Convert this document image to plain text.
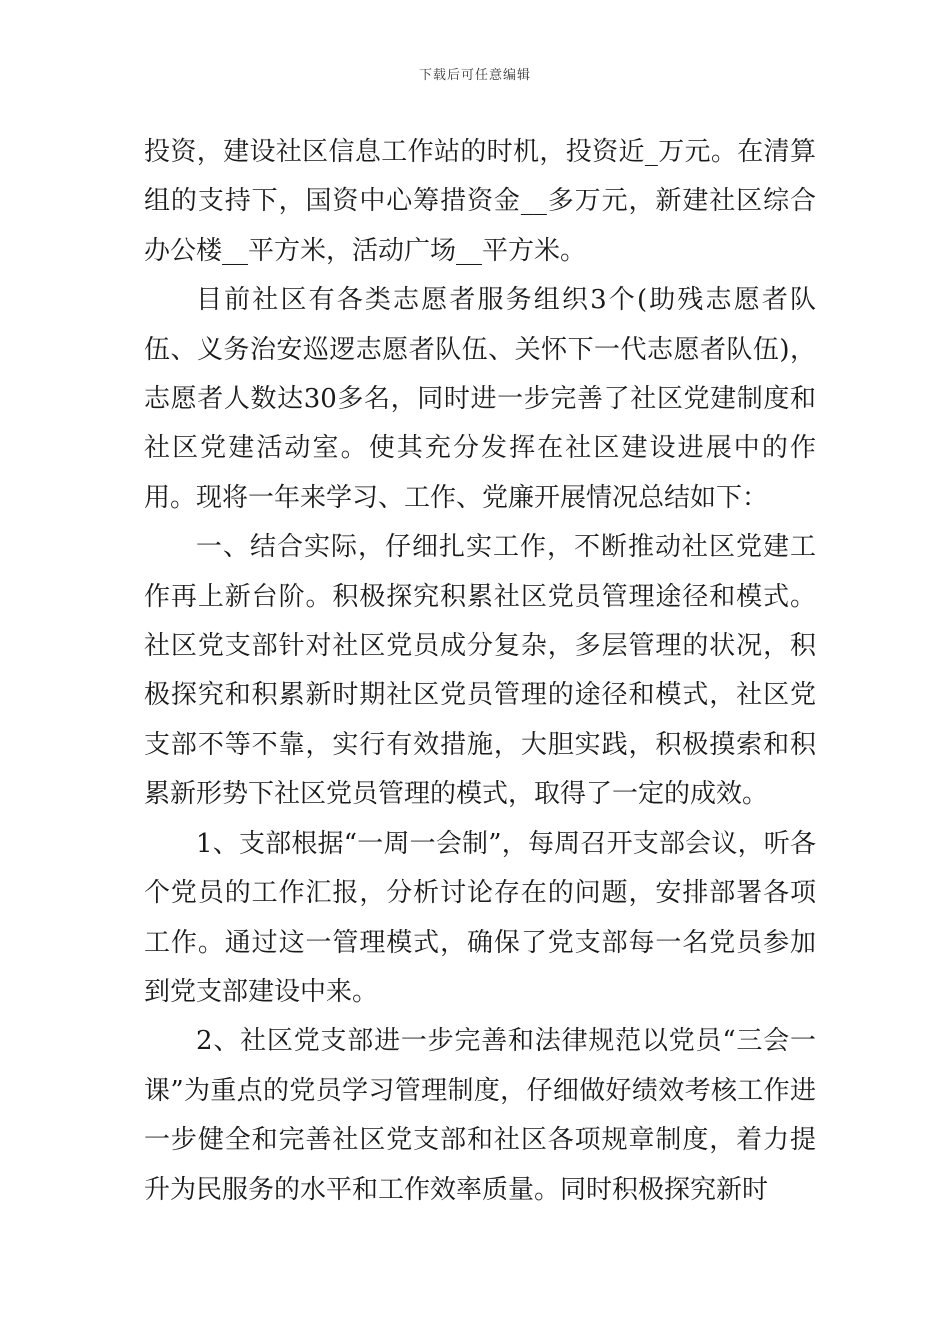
下载后可任意编辑

投资，建设社区信息工作站的时机，投资近_万元。在清算组的支持下，国资中心筹措资金__多万元，新建社区综合办公楼__平方米，活动广场__平方米。

目前社区有各类志愿者服务组织3个(助残志愿者队伍、义务治安巡逻志愿者队伍、关怀下一代志愿者队伍)，志愿者人数达30多名，同时进一步完善了社区党建制度和社区党建活动室。使其充分发挥在社区建设进展中的作用。现将一年来学习、工作、党廉开展情况总结如下：

一、结合实际，仔细扎实工作，不断推动社区党建工作再上新台阶。积极探究积累社区党员管理途径和模式。社区党支部针对社区党员成分复杂，多层管理的状况，积极探究和积累新时期社区党员管理的途径和模式，社区党支部不等不靠，实行有效措施，大胆实践，积极摸索和积累新形势下社区党员管理的模式，取得了一定的成效。

1、支部根据“一周一会制”，每周召开支部会议，听各个党员的工作汇报，分析讨论存在的问题，安排部署各项工作。通过这一管理模式，确保了党支部每一名党员参加到党支部建设中来。

2、社区党支部进一步完善和法律规范以党员“三会一课”为重点的党员学习管理制度，仔细做好绩效考核工作进一步健全和完善社区党支部和社区各项规章制度，着力提升为民服务的水平和工作效率质量。同时积极探究新时
